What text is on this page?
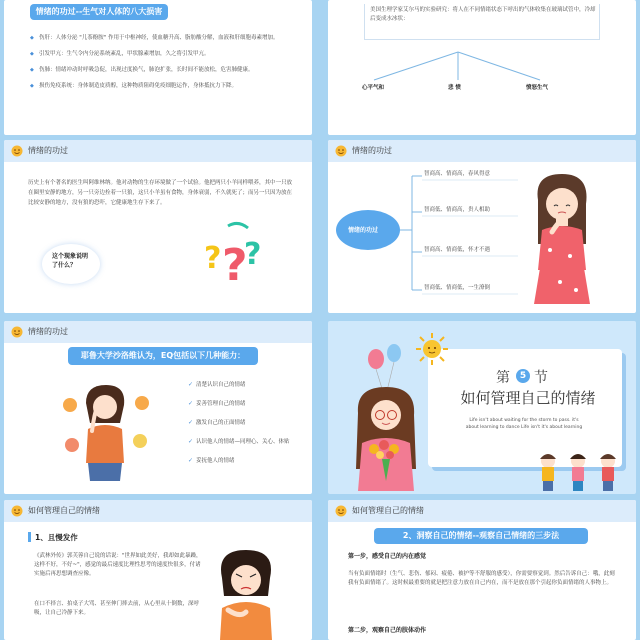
情绪的功过--生气对人体的八大损害
◆ 伤肝：人体分泌 "儿茶酚胺" 作用于中枢神经，使血糖升高、脂肪酸分解，血液和肝细胞毒素增加。
◆ 引发甲亢：生气令内分泌系统紊乱，甲状腺素增加，久之将引发甲亢。
◆ 伤肺：情绪冲动时呼吸急促，出现过度换气，肺泡扩张，长时间不能放松，危害肺健康。
◆ 损伤免疫系统：身体制造皮质醇，这种物质阻碍免疫细胞运作，身体抵抗力下降。
美国生理学家艾尔马的实验研究：将人在不同情绪状态下呼出的气体收集在玻璃试管中，冷却后变成水冰状：
心平气和	悲 愤	愤怒生气
情绪的功过
历史上有个著名的医生叫阿维林纳。他对动物的生存环境做了一个试验。他把两只小羊同样喂养，其中一只放在圈里安静的地方，另一只旁边拴着一只狼，这只小羊虽有食物，身体衰弱，不久就死了；而另一只因为放在比较安静的地方，没有狼的恐吓，它健康地生存下来了。
这个现象说明了什么？	? ?
?
情绪的功过
情绪的功过
智商高、情商高，春风得意
智商低、情商高，贵人相助
智商高、情商低，怀才不遇
智商低、情商低，一生潦倒
情绪的功过
耶鲁大学沙洛维认为，EQ包括以下几种能力：
✓ 清楚认识自己的情绪
✓ 妥善管理自己的情绪
✓ 激发自己的正面情绪
✓ 认识他人的情绪—同理心、关心、体贴
✓ 妥抚他人的情绪
第	5 节
如何管理自己的情绪
Life isn't about waiting for the storm to pass. it's about learning to dance Life isn't it's about learning
如何管理自己的情绪
1、且慢发作
《武林外传》郭芙蓉自己说的话说："世界如此美好，我却如此暴躁，这样不好，不好~"，感觉的最后速度比理性思考的速度快很多，付诸实施后再思想调查应像。
在口不择言、拍桌子大骂、甚至伸门摔去前，从心里从十倒数，深呼吸，让自己冷静下来。
如何管理自己的情绪
2、洞察自己的情绪--观察自己情绪的三步法
第一步，感受自己的内在感觉
当有负面情绪时（生气、悲伤、郁闷、疲倦、被护等不舒服的感受），你需要察觉到。然后告诉自己：哦，此刻我有负面情绪了。这时候最重要的就是把注意力放在自己内在，而不是放在那个引起你负面情绪的人事物上。
第二步，观察自己的肢体动作
